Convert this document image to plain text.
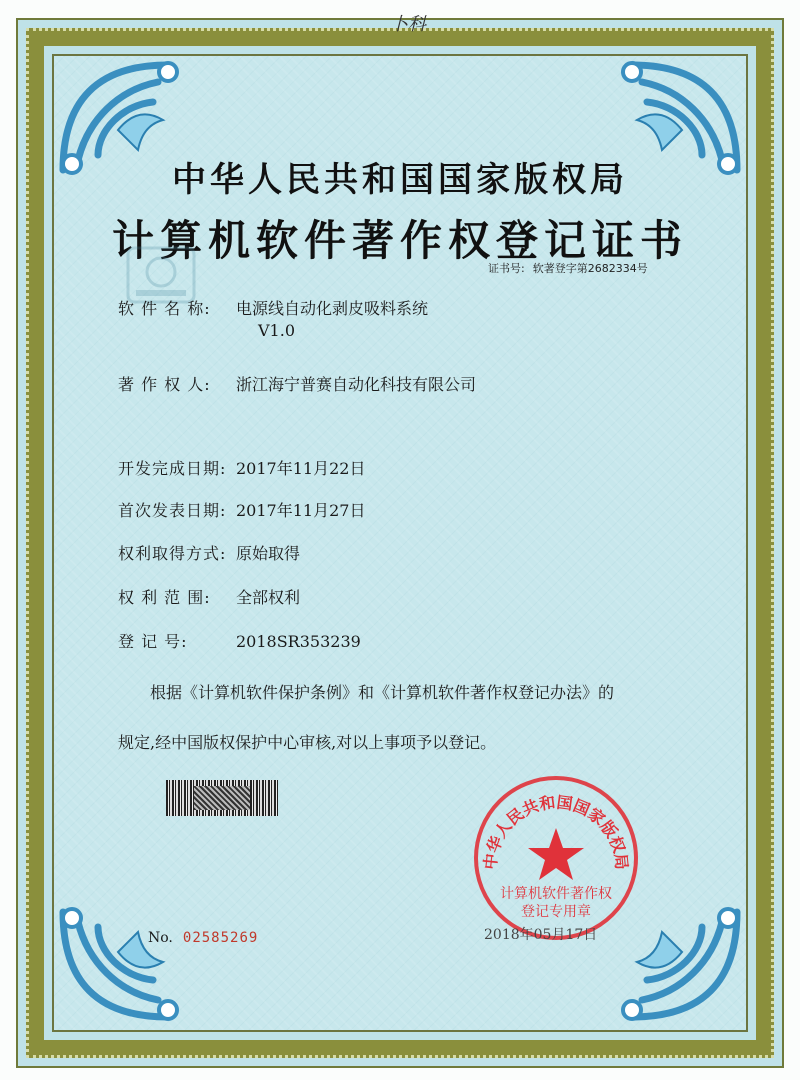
卜科
中华人民共和国国家版权局
计算机软件著作权登记证书
证书号: 软著登字第2682334号
软 件 名 称: 电源线自动化剥皮吸料系统
V1.0
著 作 权 人: 浙江海宁普赛自动化科技有限公司
开发完成日期: 2017年11月22日
首次发表日期: 2017年11月27日
权利取得方式: 原始取得
权 利 范 围: 全部权利
登 记 号:	2018SR353239
根据《计算机软件保护条例》和《计算机软件著作权登记办法》的
规定,经中国版权保护中心审核,对以上事项予以登记。
中华人民共和国国家版权局
计算机软件著作权
登记专用章
No. 02585269	2018年05月17日
